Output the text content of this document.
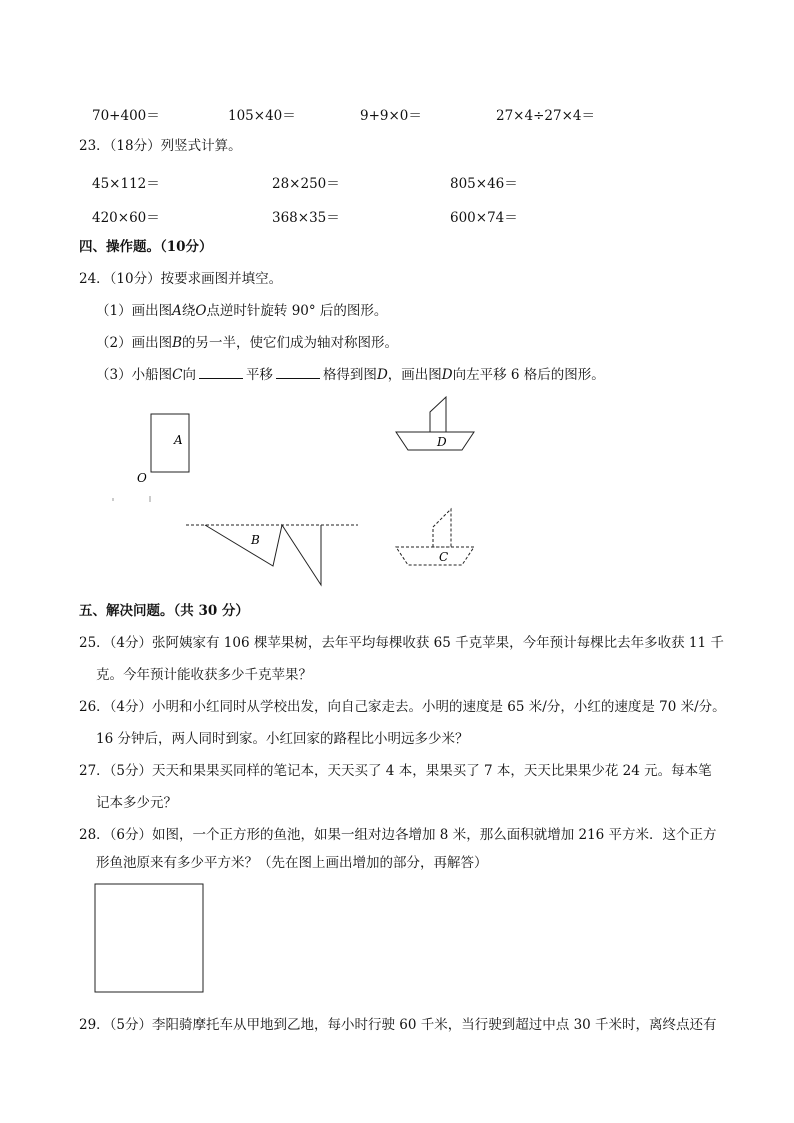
70+400＝	105×40＝	9+9×0＝	27×4÷27×4＝
23．（18分）列竖式计算。
45×112＝	28×250＝	805×46＝
420×60＝	368×35＝	600×74＝
四、操作题。（10分）
24．（10分）按要求画图并填空。
（1）画出图A绕O点逆时针旋转 90° 后的图形。
（2）画出图B的另一半，使它们成为轴对称图形。
（3）小船图C向	平移	格得到图D，画出图D向左平移 6 格后的图形。
A
O
D
B
C
五、解决问题。（共 30 分）
25．（4分）张阿姨家有 106 棵苹果树，去年平均每棵收获 65 千克苹果，今年预计每棵比去年多收获 11 千
克。今年预计能收获多少千克苹果？
26．（4分）小明和小红同时从学校出发，向自己家走去。小明的速度是 65 米/分，小红的速度是 70 米/分。
16 分钟后，两人同时到家。小红回家的路程比小明远多少米？
27．（5分）天天和果果买同样的笔记本，天天买了 4 本，果果买了 7 本，天天比果果少花 24 元。每本笔
记本多少元？
28．（6分）如图，一个正方形的鱼池，如果一组对边各增加 8 米，那么面积就增加 216 平方米．这个正方
形鱼池原来有多少平方米？（先在图上画出增加的部分，再解答）
29．（5分）李阳骑摩托车从甲地到乙地，每小时行驶 60 千米，当行驶到超过中点 30 千米时，离终点还有
